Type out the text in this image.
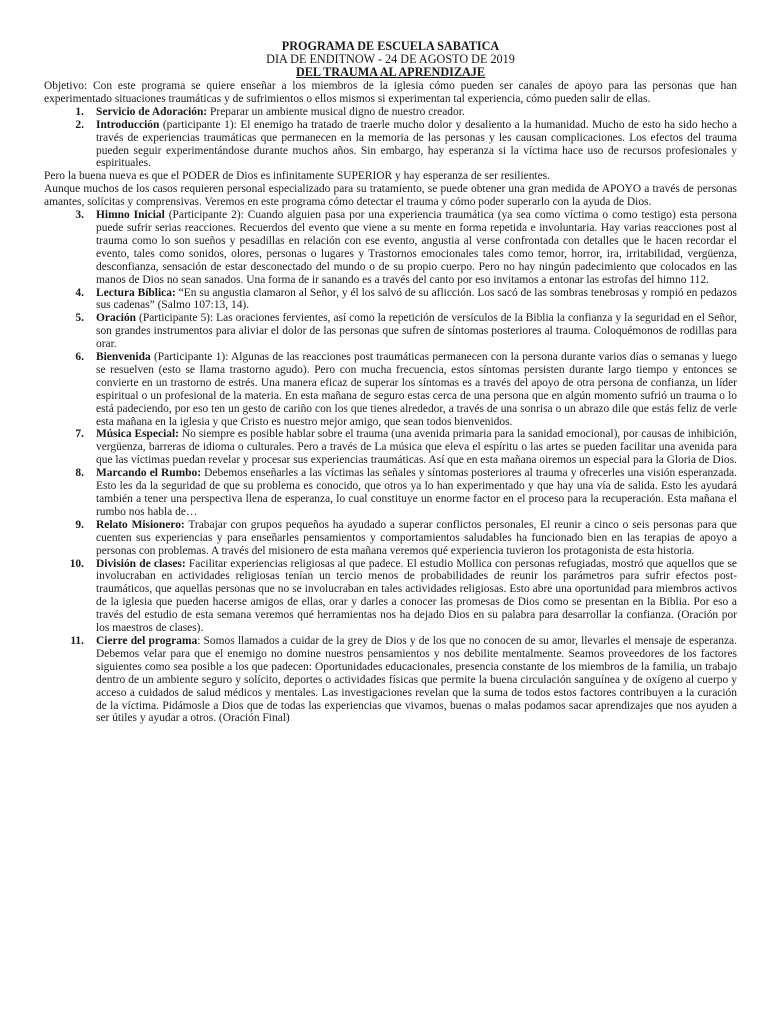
PROGRAMA DE ESCUELA SABATICA

DIA DE ENDITNOW - 24 DE AGOSTO DE 2019

DEL TRAUMA AL APRENDIZAJE

Objetivo: Con este programa se quiere enseñar a los miembros de la iglesia cómo pueden ser canales de apoyo para las personas que han experimentado situaciones traumáticas y de sufrimientos o ellos mismos si experimentan tal experiencia, cómo pueden salir de ellas.

1. Servicio de Adoración: Preparar un ambiente musical digno de nuestro creador.
2. Introducción (participante 1): El enemigo ha tratado de traerle mucho dolor y desaliento a la humanidad. Mucho de esto ha sido hecho a través de experiencias traumáticas que permanecen en la memoria de las personas y les causan complicaciones. Los efectos del trauma pueden seguir experimentándose durante muchos años. Sin embargo, hay esperanza si la víctima hace uso de recursos profesionales y espirituales.

Pero la buena nueva es que el PODER de Dios es infinitamente SUPERIOR y hay esperanza de ser resilientes.

Aunque muchos de los casos requieren personal especializado para su tratamiento, se puede obtener una gran medida de APOYO a través de personas amantes, solícitas y comprensivas. Veremos en este programa cómo detectar el trauma y cómo poder superarlo con la ayuda de Dios.

3. Himno Inicial (Participante 2): Cuando alguien pasa por una experiencia traumática (ya sea como víctima o como testigo) esta persona puede sufrir serias reacciones. Recuerdos del evento que viene a su mente en forma repetida e involuntaria. Hay varias reacciones post al trauma como lo son sueños y pesadillas en relación con ese evento, angustia al verse confrontada con detalles que le hacen recordar el evento, tales como sonidos, olores, personas o lugares y Trastornos emocionales tales como temor, horror, ira, irritabilidad, vergüenza, desconfianza, sensación de estar desconectado del mundo o de su propio cuerpo. Pero no hay ningún padecimiento que colocados en las manos de Dios no sean sanados. Una forma de ir sanando es a través del canto por eso invitamos a entonar las estrofas del himno 112.
4. Lectura Bíblica: “En su angustia clamaron al Señor, y él los salvó de su aflicción. Los sacó de las sombras tenebrosas y rompió en pedazos sus cadenas” (Salmo 107:13, 14).
5. Oración (Participante 5): Las oraciones fervientes, así como la repetición de versículos de la Biblia la confianza y la seguridad en el Señor, son grandes instrumentos para aliviar el dolor de las personas que sufren de síntomas posteriores al trauma. Coloquémonos de rodillas para orar.
6. Bienvenida (Participante 1): Algunas de las reacciones post traumáticas permanecen con la persona durante varios días o semanas y luego se resuelven (esto se llama trastorno agudo). Pero con mucha frecuencia, estos síntomas persisten durante largo tiempo y entonces se convierte en un trastorno de estrés. Una manera eficaz de superar los síntomas es a través del apoyo de otra persona de confianza, un líder espiritual o un profesional de la materia. En esta mañana de seguro estas cerca de una persona que en algún momento sufrió un trauma o lo está padeciendo, por eso ten un gesto de cariño con los que tienes alrededor, a través de una sonrisa o un abrazo dile que estás feliz de verle esta mañana en la iglesia y que Cristo es nuestro mejor amigo, que sean todos bienvenidos.
7. Música Especial: No siempre es posible hablar sobre el trauma (una avenida primaria para la sanidad emocional), por causas de inhibición, vergüenza, barreras de idioma o culturales. Pero a través de La música que eleva el espíritu o las artes se pueden facilitar una avenida para que las víctimas puedan revelar y procesar sus experiencias traumáticas. Así que en esta mañana oiremos un especial para la Gloria de Dios.
8. Marcando el Rumbo: Debemos enseñarles a las víctimas las señales y síntomas posteriores al trauma y ofrecerles una visión esperanzada. Esto les da la seguridad de que su problema es conocido, que otros ya lo han experimentado y que hay una vía de salida. Esto les ayudará también a tener una perspectiva llena de esperanza, lo cual constituye un enorme factor en el proceso para la recuperación. Esta mañana el rumbo nos habla de…
9. Relato Misionero: Trabajar con grupos pequeños ha ayudado a superar conflictos personales, El reunir a cinco o seis personas para que cuenten sus experiencias y para enseñarles pensamientos y comportamientos saludables ha funcionado bien en las terapias de apoyo a personas con problemas. A través del misionero de esta mañana veremos qué experiencia tuvieron los protagonista de esta historia.
10. División de clases: Facilitar experiencias religiosas al que padece. El estudio Mollica con personas refugiadas, mostró que aquellos que se involucraban en actividades religiosas tenían un tercio menos de probabilidades de reunir los parámetros para sufrir efectos post-traumáticos, que aquellas personas que no se involucraban en tales actividades religiosas. Esto abre una oportunidad para miembros activos de la iglesia que pueden hacerse amigos de ellas, orar y darles a conocer las promesas de Dios como se presentan en la Biblia. Por eso a través del estudio de esta semana veremos qué herramientas nos ha dejado Dios en su palabra para desarrollar la confianza. (Oración por los maestros de clases).
11. Cierre del programa: Somos llamados a cuidar de la grey de Dios y de los que no conocen de su amor, llevarles el mensaje de esperanza. Debemos velar para que el enemigo no domine nuestros pensamientos y nos debilite mentalmente. Seamos proveedores de los factores siguientes como sea posible a los que padecen: Oportunidades educacionales, presencia constante de los miembros de la familia, un trabajo dentro de un ambiente seguro y solícito, deportes o actividades físicas que permite la buena circulación sanguínea y de oxígeno al cuerpo y acceso a cuidados de salud médicos y mentales. Las investigaciones revelan que la suma de todos estos factores contribuyen a la curación de la víctima. Pidámosle a Dios que de todas las experiencias que vivamos, buenas o malas podamos sacar aprendizajes que nos ayuden a ser útiles y ayudar a otros. (Oración Final)
